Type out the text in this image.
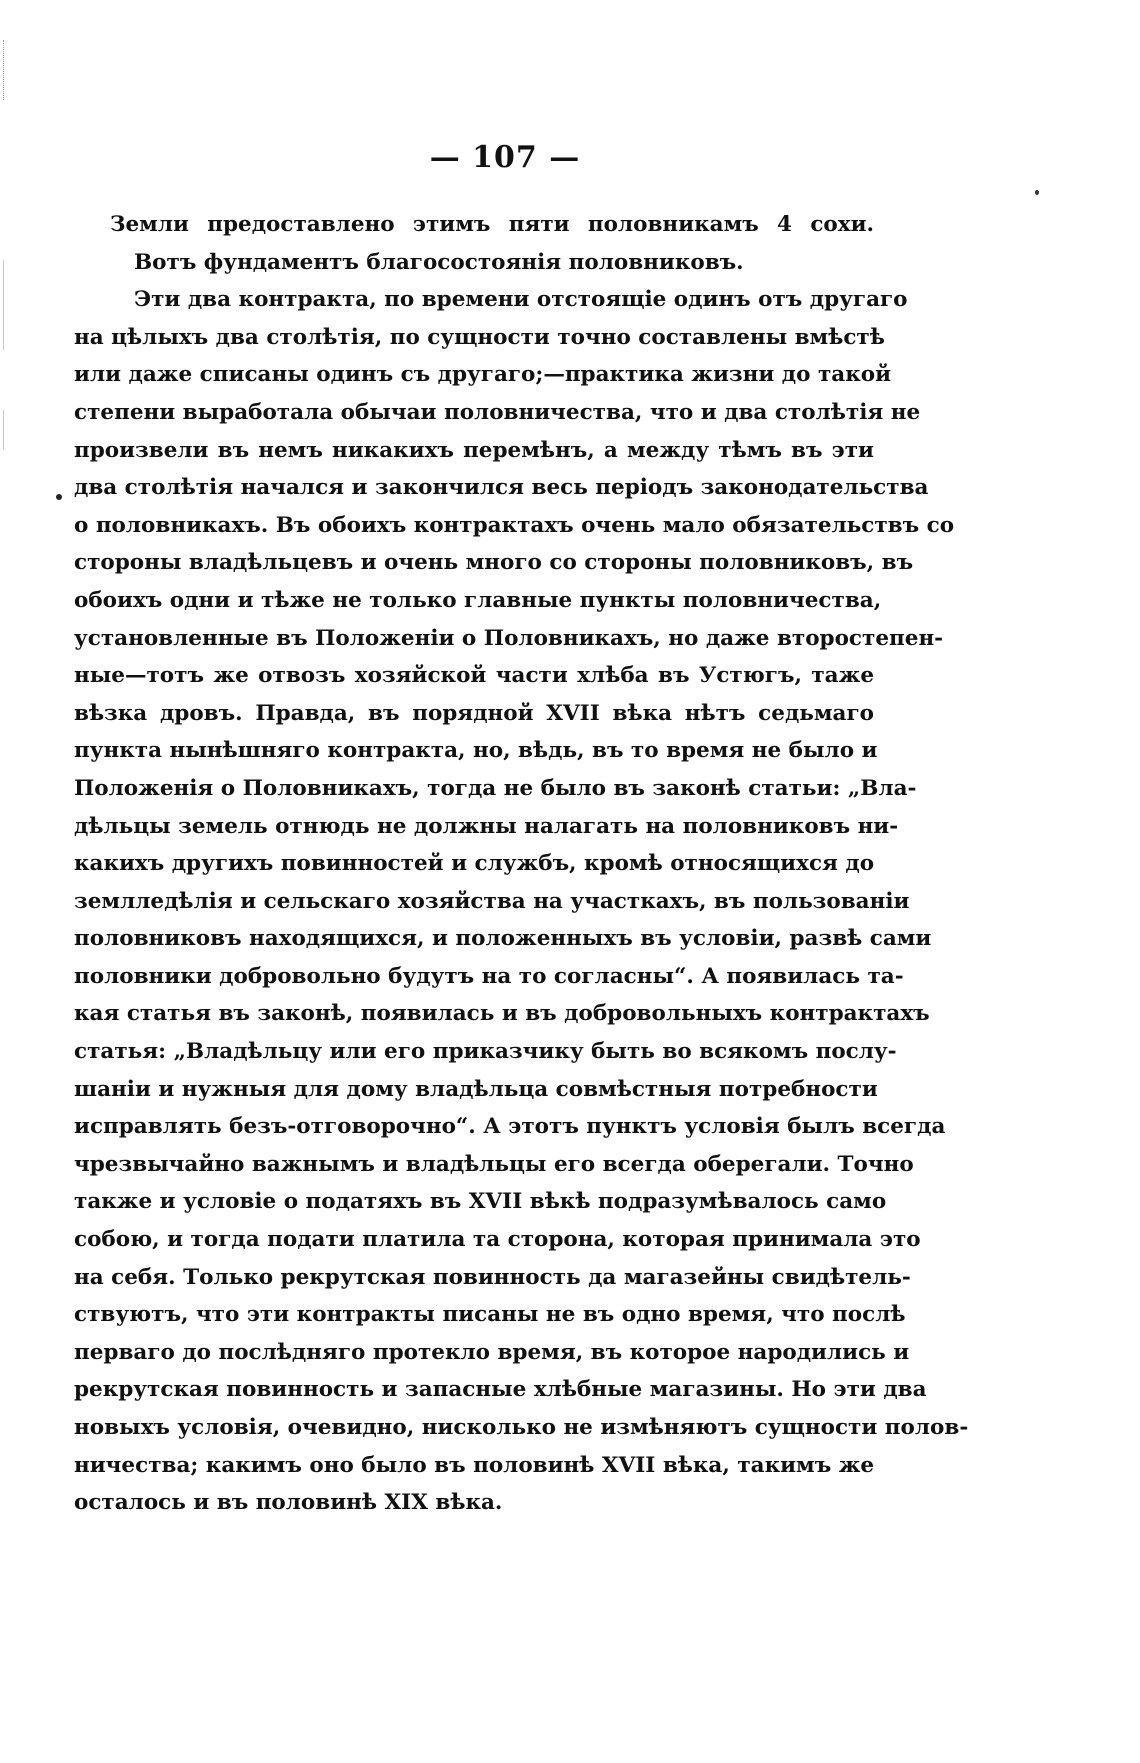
— 107 —
Земли предоставлено этимъ пяти половникамъ 4 сохи.
Вотъ фундаментъ благосостоянія половниковъ.
Эти два контракта, по времени отстоящіе одинъ отъ другаго
на цѣлыхъ два столѣтія, по сущности точно составлены вмѣстѣ
или даже списаны одинъ съ другаго;—практика жизни до такой
степени выработала обычаи половничества, что и два столѣтія не
произвели въ немъ никакихъ перемѣнъ, а между тѣмъ въ эти
два столѣтія начался и закончился весь періодъ законодательства
о половникахъ. Въ обоихъ контрактахъ очень мало обязательствъ со
стороны владѣльцевъ и очень много со стороны половниковъ, въ
обоихъ одни и тѣже не только главные пункты половничества,
установленные въ Положеніи о Половникахъ, но даже второстепен-
ные—тотъ же отвозъ хозяйской части хлѣба въ Устюгъ, таже
вѣзка дровъ. Правда, въ порядной XVII вѣка нѣтъ седьмаго
пункта нынѣшняго контракта, но, вѣдь, въ то время не было и
Положенія о Половникахъ, тогда не было въ законѣ статьи: „Вла-
дѣльцы земель отнюдь не должны налагать на половниковъ ни-
какихъ другихъ повинностей и службъ, кромѣ относящихся до
землледѣлія и сельскаго хозяйства на участкахъ, въ пользованіи
половниковъ находящихся, и положенныхъ въ условіи, развѣ сами
половники добровольно будутъ на то согласны“. А появилась та-
кая статья въ законѣ, появилась и въ добровольныхъ контрактахъ
статья: „Владѣльцу или его приказчику быть во всякомъ послу-
шаніи и нужныя для дому владѣльца совмѣстныя потребности
исправлять безъ-отговорочно“. А этотъ пунктъ условія былъ всегда
чрезвычайно важнымъ и владѣльцы его всегда оберегали. Точно
также и условіе о податяхъ въ XVII вѣкѣ подразумѣвалось само
собою, и тогда подати платила та сторона, которая принимала это
на себя. Только рекрутская повинность да магазейны свидѣтель-
ствуютъ, что эти контракты писаны не въ одно время, что послѣ
перваго до послѣдняго протекло время, въ которое народились и
рекрутская повинность и запасные хлѣбные магазины. Но эти два
новыхъ условія, очевидно, нисколько не измѣняютъ сущности полов-
ничества; какимъ оно было въ половинѣ XVII вѣка, такимъ же
осталось и въ половинѣ XIX вѣка.
